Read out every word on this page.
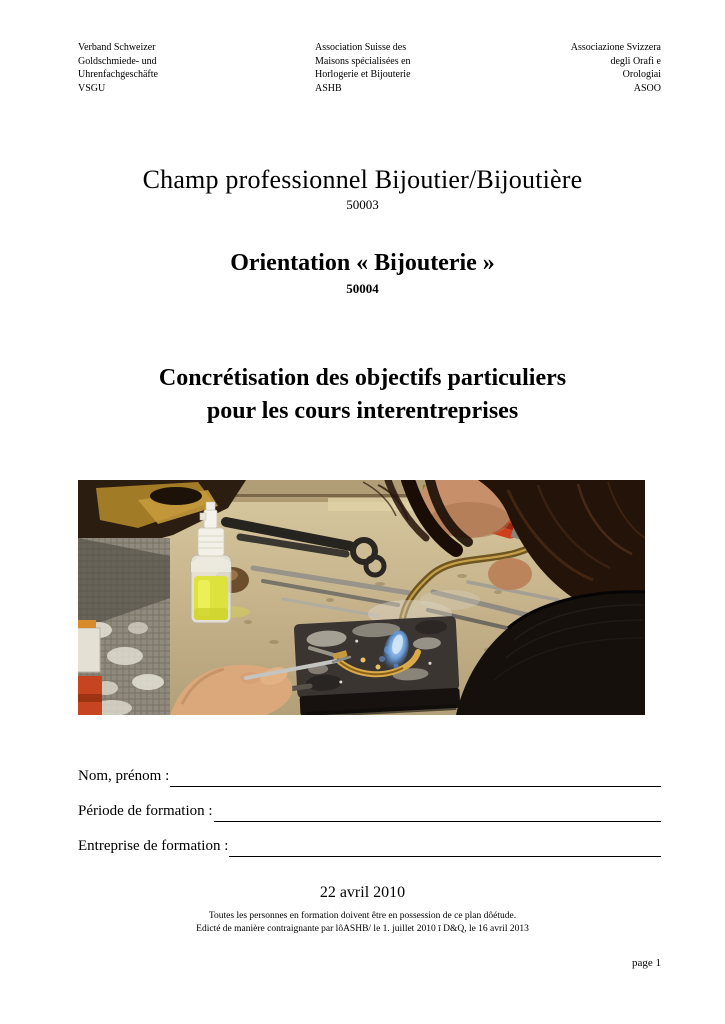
Verband Schweizer
Goldschmiede- und
Uhrenfachgeschäfte
VSGU
Association Suisse des
Maisons spécialisées en
Horlogerie et Bijouterie
ASHB
Associazione Svizzera
degli Orafi e
Orologiai
ASOO
Champ professionnel Bijoutier/Bijoutière
50003
Orientation « Bijouterie »
50004
Concrétisation des objectifs particuliers
pour les cours interentreprises
Nom, prénom :
Période de formation :
Entreprise de formation :
22 avril 2010
Toutes les personnes en formation doivent être en possession de ce plan dôétude.
Edicté de manière contraignante par lôASHB/ le 1. juillet 2010 ī D&Q, le 16 avril 2013
page 1
